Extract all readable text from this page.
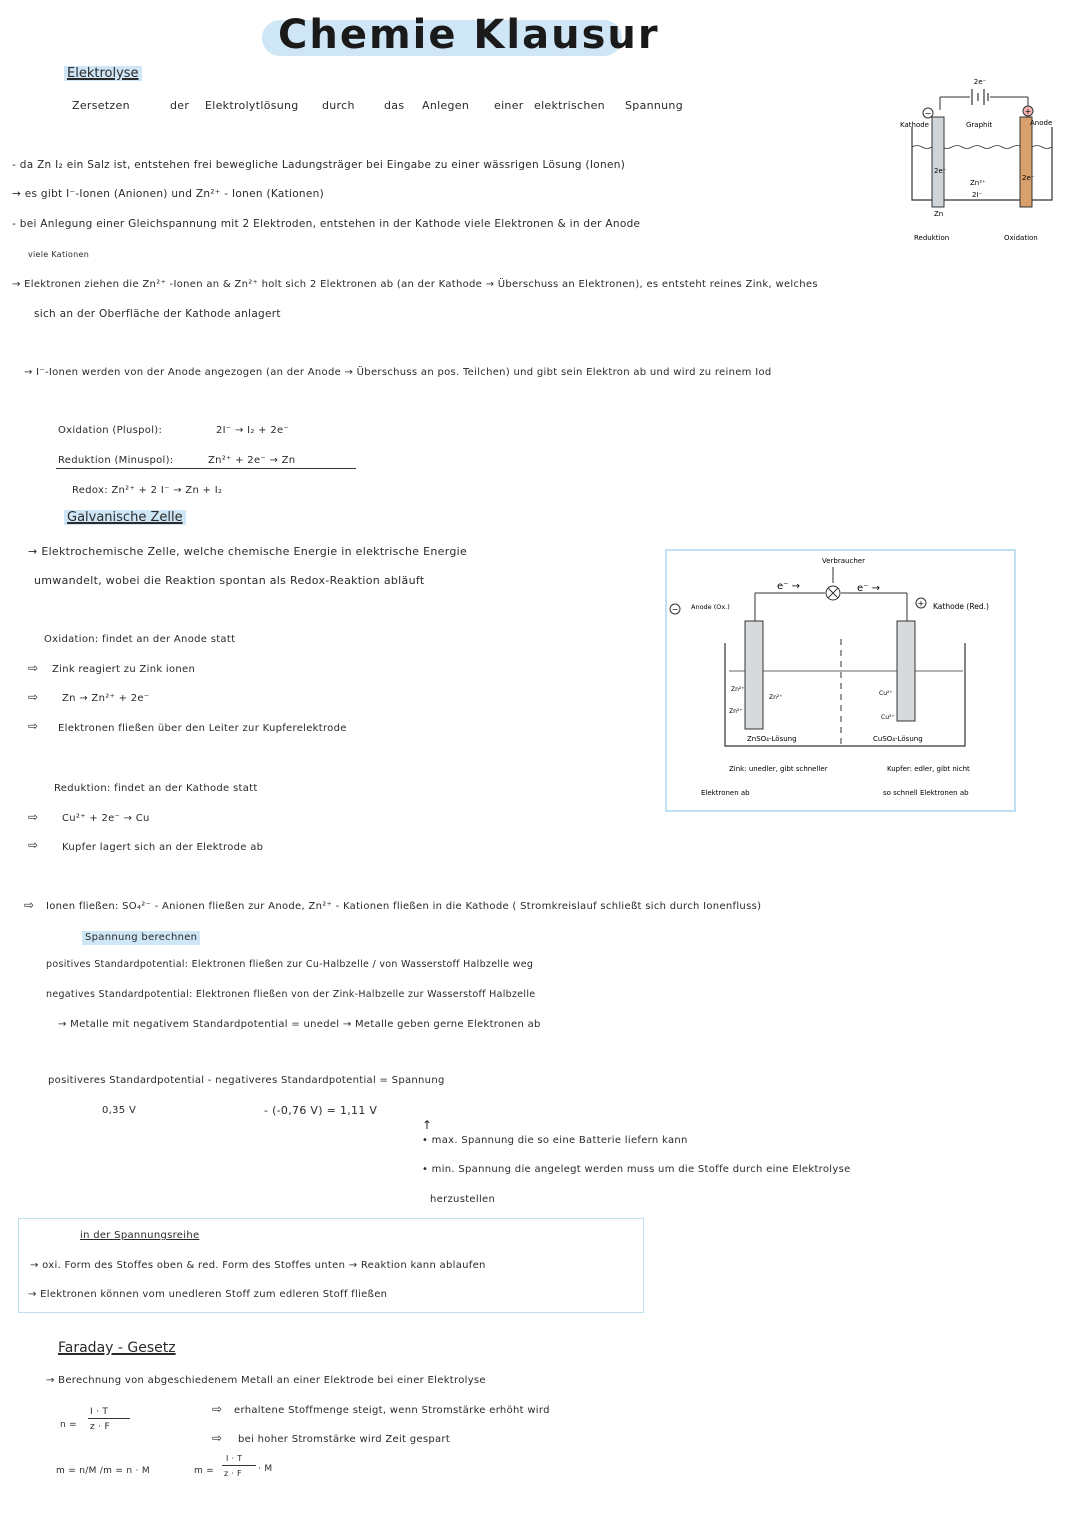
Chemie Klausur
Elektrolyse
Zersetzen	der Elektrolytlösung durch	das Anlegen einer elektrischen Spannung
- da Zn I₂ ein Salz ist, entstehen frei bewegliche Ladungsträger bei Eingabe zu einer wässrigen Lösung (Ionen)
→ es gibt I⁻-Ionen (Anionen) und Zn²⁺ - Ionen (Kationen)
- bei Anlegung einer Gleichspannung mit 2 Elektroden, entstehen in der Kathode viele Elektronen & in der Anode
viele Kationen
→ Elektronen ziehen die Zn²⁺ -Ionen an & Zn²⁺ holt sich 2 Elektronen ab (an der Kathode → Überschuss an Elektronen), es entsteht reines Zink, welches
sich an der Oberfläche der Kathode anlagert
→ I⁻-Ionen werden von der Anode angezogen (an der Anode → Überschuss an pos. Teilchen) und gibt sein Elektron ab und wird zu reinem Iod
Oxidation (Pluspol):	2I⁻ → I₂ + 2e⁻
Reduktion (Minuspol):	Zn²⁺ + 2e⁻ → Zn
Redox: Zn²⁺ + 2 I⁻ → Zn + I₂
2e⁻
−	+
Kathode	Graphit	Anode
2e⁻
Zn
Zn²⁺
2I⁻
2e⁻
Reduktion	Oxidation
Galvanische Zelle
→ Elektrochemische Zelle, welche chemische Energie in elektrische Energie
umwandelt, wobei die Reaktion spontan als Redox-Reaktion abläuft
Oxidation: findet an der Anode statt
⇨ Zink reagiert zu Zink ionen
⇨ Zn → Zn²⁺ + 2e⁻
⇨ Elektronen fließen über den Leiter zur Kupferelektrode
Reduktion: findet an der Kathode statt
⇨ Cu²⁺ + 2e⁻ → Cu
⇨ Kupfer lagert sich an der Elektrode ab
Verbraucher
e⁻ →	e⁻ →
− Anode (Ox.)	+ Kathode (Red.)
Zn²⁺
Zn²⁺
Zn²⁺
Cu²⁺
Cu²⁺
ZnSO₄-Lösung	CuSO₄-Lösung
Zink: unedler, gibt schneller
Elektronen ab
Kupfer: edler, gibt nicht
so schnell Elektronen ab
⇨ Ionen fließen: SO₄²⁻ - Anionen fließen zur Anode, Zn²⁺ - Kationen fließen in die Kathode ( Stromkreislauf schließt sich durch Ionenfluss)
Spannung berechnen
positives Standardpotential: Elektronen fließen zur Cu-Halbzelle / von Wasserstoff Halbzelle weg
negatives Standardpotential: Elektronen fließen von der Zink-Halbzelle zur Wasserstoff Halbzelle
→ Metalle mit negativem Standardpotential = unedel → Metalle geben gerne Elektronen ab
positiveres Standardpotential - negativeres Standardpotential = Spannung
0,35 V	- (-0,76 V) = 1,11 V
↑
• max. Spannung die so eine Batterie liefern kann
• min. Spannung die angelegt werden muss um die Stoffe durch eine Elektrolyse
herzustellen
in der Spannungsreihe
→ oxi. Form des Stoffes oben & red. Form des Stoffes unten → Reaktion kann ablaufen
→ Elektronen können vom unedleren Stoff zum edleren Stoff fließen
Faraday - Gesetz
→ Berechnung von abgeschiedenem Metall an einer Elektrode bei einer Elektrolyse
n =
I · T
z · F
⇨ erhaltene Stoffmenge steigt, wenn Stromstärke erhöht wird
⇨ bei hoher Stromstärke wird Zeit gespart
m = n/M /m = n · M	m =
I · T
z · F · M
